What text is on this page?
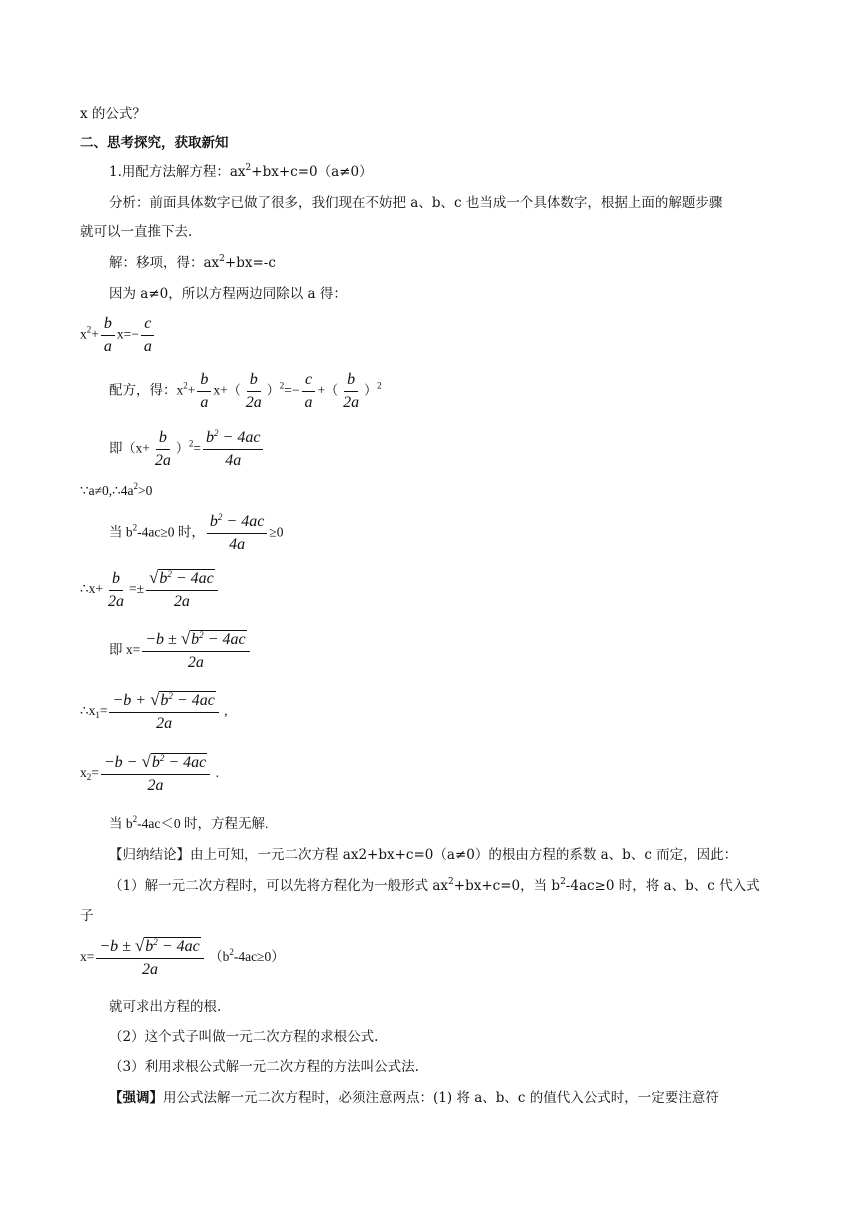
x 的公式？
二、思考探究，获取新知
1.用配方法解方程：$ax^2+bx+c=0(a\ne 0)$
分析：前面具体数字已做了很多，我们现在不妨把 a、b、c 也当成一个具体数字，根据上面的解题步骤
就可以一直推下去.
解：移项，得：$ax^2+bx=-c$
因为 a≠0，所以方程两边同除以 a 得：
$x^2+ \frac{b}{a} x=- \frac{c}{a}$
配方，得：$x^2+ \frac{b}{a} x+( \frac{b}{2a} )^2=- \frac{c}{a}$ +（ $\frac{b}{2a} )^2$
即$(x+ \frac{b}{2a} )^2= \frac{b^2 - 4ac}{4a}$
$\because a\ne 0,\therefore 4a^2>0$
当 $b^2-4ac\ge 0$ 时， $\frac{b^2 - 4ac}{4a} \ge 0$
∴x+ $\frac{b}{2a} =\pm \frac{√b^2 - 4ac}{2a}$
即 $x= \frac{-b \pm √b^2 - 4ac}{2a}$
$\therefore x_1= \frac{-b + √b^2 - 4ac}{2a}$ ,
$x_2= \frac{-b - √b^2 - 4ac}{2a}$ .
当 $b^2-4ac<0$ 时，方程无解.
【归纳结论】由上可知，一元二次方程 ax2+bx+c=0（a≠0）的根由方程的系数 a、b、c 而定，因此：
（1）解一元二次方程时，可以先将方程化为一般形式 $ax^2+bx+c=0$，当 $b^2-4ac\ge 0$ 时，将 a、b、c 代入式
子
$x= \frac{-b \pm √b^2 - 4ac}{2a} (b^2-4ac\ge 0)$
就可求出方程的根.
（2）这个式子叫做一元二次方程的求根公式.
（3）利用求根公式解一元二次方程的方法叫公式法.
【强调】用公式法解一元二次方程时，必须注意两点：(1) 将 a、b、c 的值代入公式时，一定要注意符
